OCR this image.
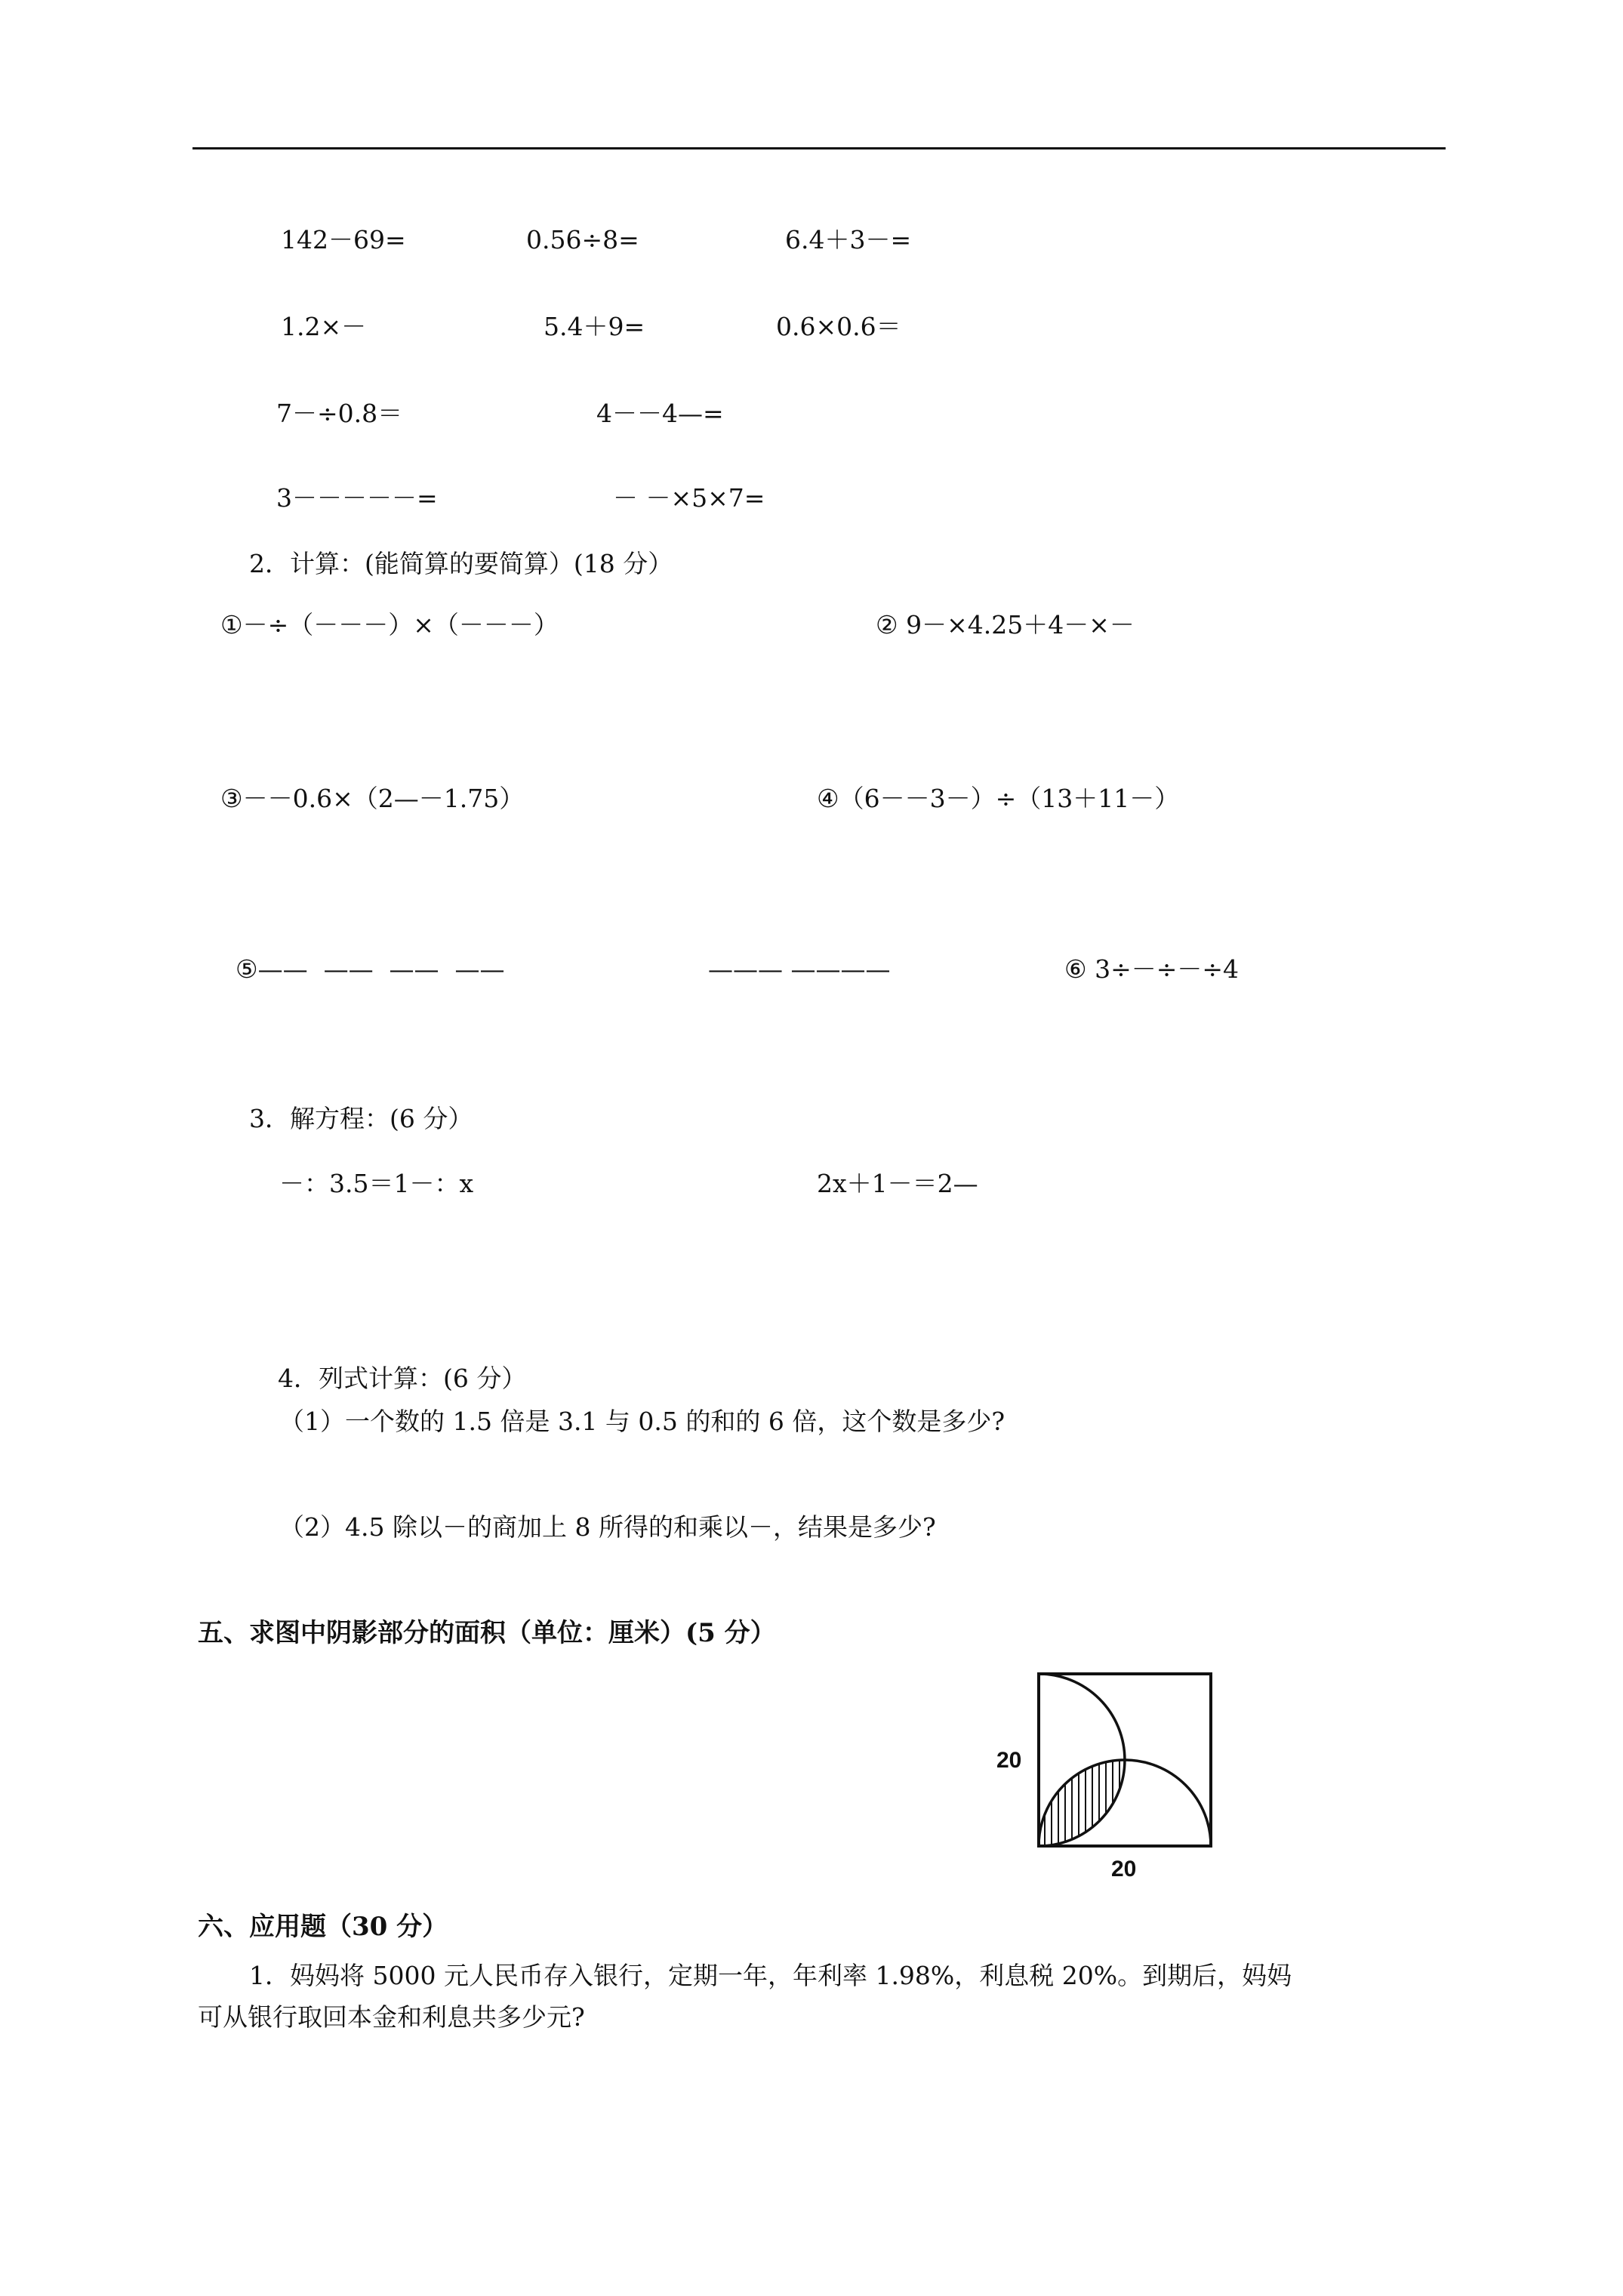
142－69=	0.56÷8=	6.4＋3－=
1.2×－	5.4＋9=	0.6×0.6＝
7－÷0.8＝	4－－4—=
3－－－－－=	－ －×5×7=
2．计算：(能简算的要简算）(18 分）
①－÷（－－－）×（－－－）	② 9－×4.25＋4－×－
③－－0.6×（2—－1.75）	④（6－－3－）÷（13＋11－）
⑤——  ——  ——  ——	——— ————	⑥ 3÷－÷－÷4
3．解方程：(6 分）
－：3.5＝1－：x	2x＋1－＝2—
4．列式计算：(6 分）
（1）一个数的 1.5 倍是 3.1 与 0.5 的和的 6 倍，这个数是多少?
（2）4.5 除以－的商加上 8 所得的和乘以－，结果是多少?
五、求图中阴影部分的面积（单位：厘米）(5 分）
20
20
六、应用题（30 分）
1．妈妈将 5000 元人民币存入银行，定期一年，年利率 1.98%，利息税 20%。到期后，妈妈
可从银行取回本金和利息共多少元?
